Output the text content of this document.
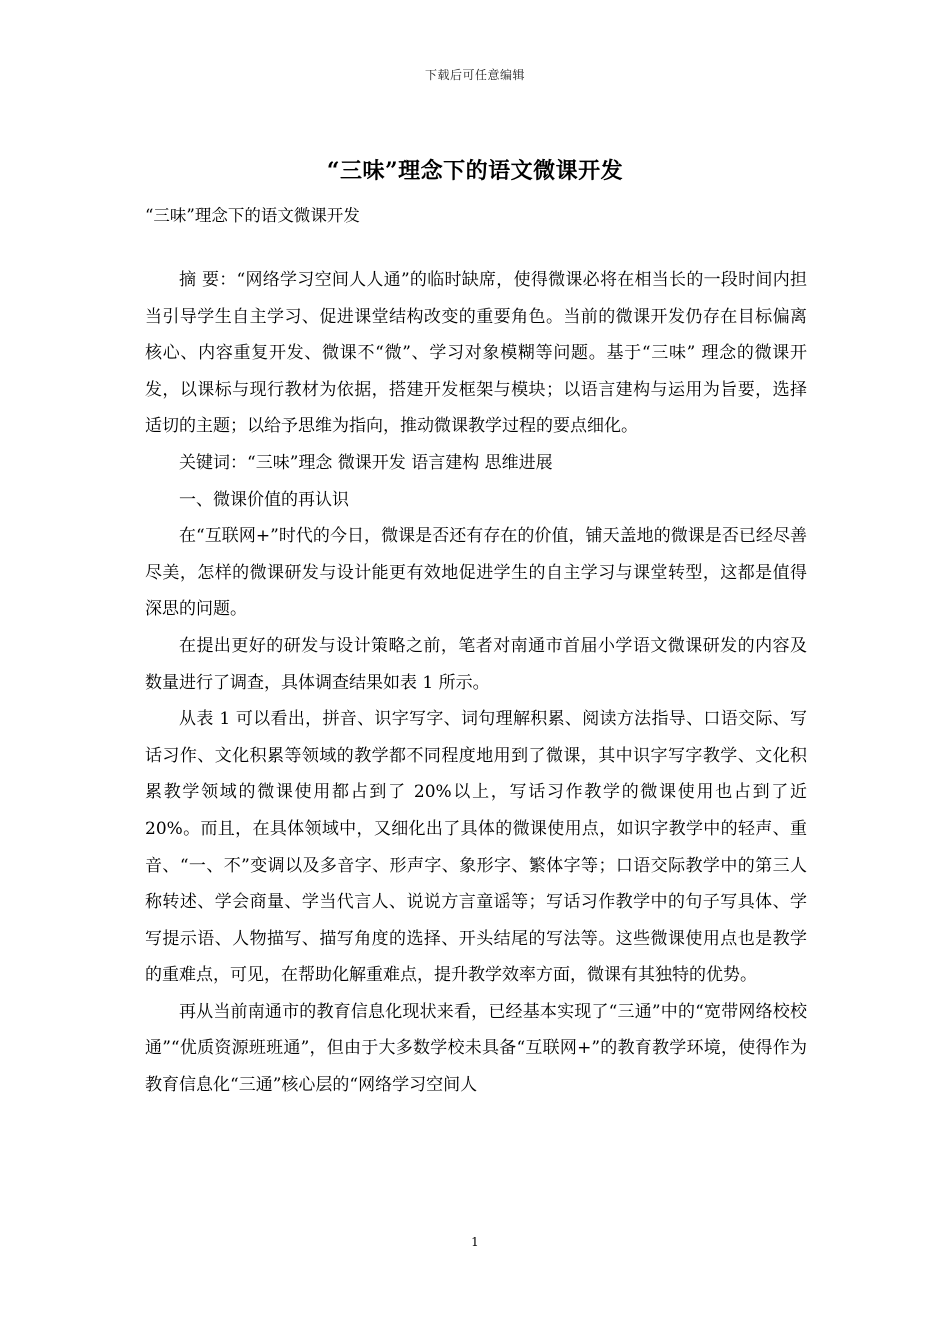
下载后可任意编辑
“三味”理念下的语文微课开发

“三味”理念下的语文微课开发

摘 要：“网络学习空间人人通”的临时缺席，使得微课必将在相当长的一段时间内担当引导学生自主学习、促进课堂结构改变的重要角色。当前的微课开发仍存在目标偏离核心、内容重复开发、微课不“微”、学习对象模糊等问题。基于“三味” 理念的微课开发，以课标与现行教材为依据，搭建开发框架与模块；以语言建构与运用为旨要，选择适切的主题；以给予思维为指向，推动微课教学过程的要点细化。

关键词：“三味”理念 微课开发 语言建构 思维进展

一、微课价值的再认识

在“互联网+”时代的今日，微课是否还有存在的价值，铺天盖地的微课是否已经尽善尽美，怎样的微课研发与设计能更有效地促进学生的自主学习与课堂转型，这都是值得深思的问题。

在提出更好的研发与设计策略之前，笔者对南通市首届小学语文微课研发的内容及数量进行了调查，具体调查结果如表 1 所示。

从表 1 可以看出，拼音、识字写字、词句理解积累、阅读方法指导、口语交际、写话习作、文化积累等领域的教学都不同程度地用到了微课，其中识字写字教学、文化积累教学领域的微课使用都占到了 20%以上，写话习作教学的微课使用也占到了近 20%。而且，在具体领域中，又细化出了具体的微课使用点，如识字教学中的轻声、重音、“一、不”变调以及多音字、形声字、象形字、繁体字等；口语交际教学中的第三人称转述、学会商量、学当代言人、说说方言童谣等；写话习作教学中的句子写具体、学写提示语、人物描写、描写角度的选择、开头结尾的写法等。这些微课使用点也是教学的重难点，可见，在帮助化解重难点，提升教学效率方面，微课有其独特的优势。

再从当前南通市的教育信息化现状来看，已经基本实现了“三通”中的“宽带网络校校通”“优质资源班班通”，但由于大多数学校未具备“互联网+”的教育教学环境，使得作为教育信息化“三通”核心层的“网络学习空间人

1
